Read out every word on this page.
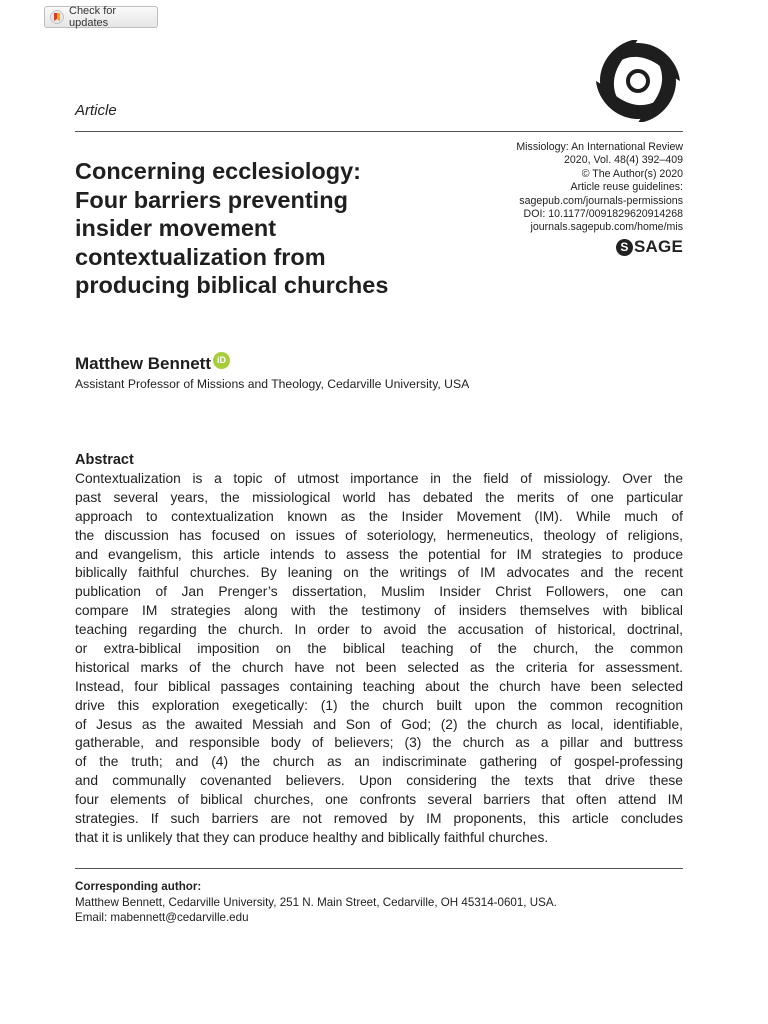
Check for updates
Article
Missiology: An International Review
2020, Vol. 48(4) 392–409
© The Author(s) 2020
Article reuse guidelines:
sagepub.com/journals-permissions
DOI: 10.1177/0091829620914268
journals.sagepub.com/home/mis
S SAGE
Concerning ecclesiology:
Four barriers preventing
insider movement
contextualization from
producing biblical churches
Matthew Bennett iD
Assistant Professor of Missions and Theology, Cedarville University, USA
Abstract
Contextualization is a topic of utmost importance in the field of missiology. Over the
past several years, the missiological world has debated the merits of one particular
approach to contextualization known as the Insider Movement (IM). While much of
the discussion has focused on issues of soteriology, hermeneutics, theology of religions,
and evangelism, this article intends to assess the potential for IM strategies to produce
biblically faithful churches. By leaning on the writings of IM advocates and the recent
publication of Jan Prenger’s dissertation, Muslim Insider Christ Followers, one can
compare IM strategies along with the testimony of insiders themselves with biblical
teaching regarding the church. In order to avoid the accusation of historical, doctrinal,
or extra-biblical imposition on the biblical teaching of the church, the common
historical marks of the church have not been selected as the criteria for assessment.
Instead, four biblical passages containing teaching about the church have been selected
drive this exploration exegetically: (1) the church built upon the common recognition
of Jesus as the awaited Messiah and Son of God; (2) the church as local, identifiable,
gatherable, and responsible body of believers; (3) the church as a pillar and buttress
of the truth; and (4) the church as an indiscriminate gathering of gospel-professing
and communally covenanted believers. Upon considering the texts that drive these
four elements of biblical churches, one confronts several barriers that often attend IM
strategies. If such barriers are not removed by IM proponents, this article concludes
that it is unlikely that they can produce healthy and biblically faithful churches.
Corresponding author:
Matthew Bennett, Cedarville University, 251 N. Main Street, Cedarville, OH 45314-0601, USA.
Email: mabennett@cedarville.edu
